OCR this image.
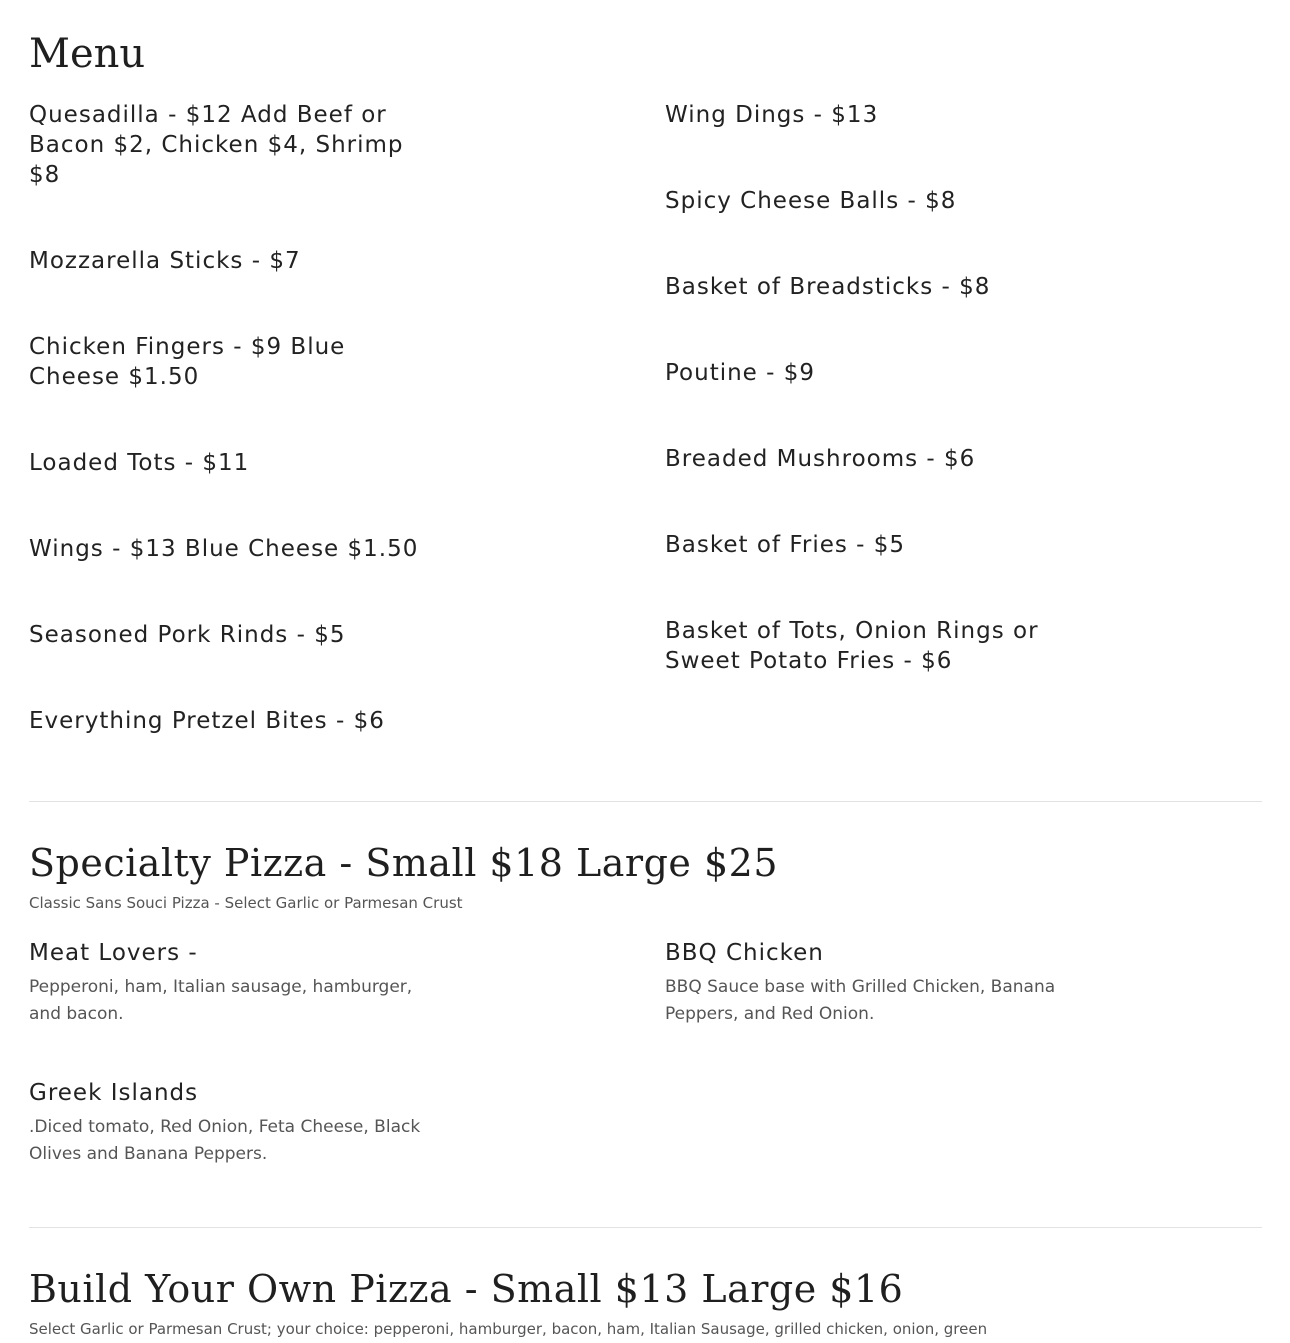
Menu

Quesadilla - $12 Add Beef or Bacon $2, Chicken $4, Shrimp $8

Mozzarella Sticks - $7

Chicken Fingers - $9 Blue Cheese $1.50

Loaded Tots - $11

Wings - $13 Blue Cheese $1.50

Seasoned Pork Rinds - $5

Everything Pretzel Bites - $6

Wing Dings - $13

Spicy Cheese Balls - $8

Basket of Breadsticks - $8

Poutine - $9

Breaded Mushrooms - $6

Basket of Fries - $5

Basket of Tots, Onion Rings or Sweet Potato Fries - $6

Specialty Pizza - Small $18 Large $25

Classic Sans Souci Pizza - Select Garlic or Parmesan Crust

Meat Lovers -

Pepperoni, ham, Italian sausage, hamburger, and bacon.

BBQ Chicken

BBQ Sauce base with Grilled Chicken, Banana Peppers, and Red Onion.

Greek Islands

.Diced tomato, Red Onion, Feta Cheese, Black Olives and Banana Peppers.

Build Your Own Pizza - Small $13 Large $16

Select Garlic or Parmesan Crust; your choice: pepperoni, hamburger, bacon, ham, Italian Sausage, grilled chicken, onion, green
